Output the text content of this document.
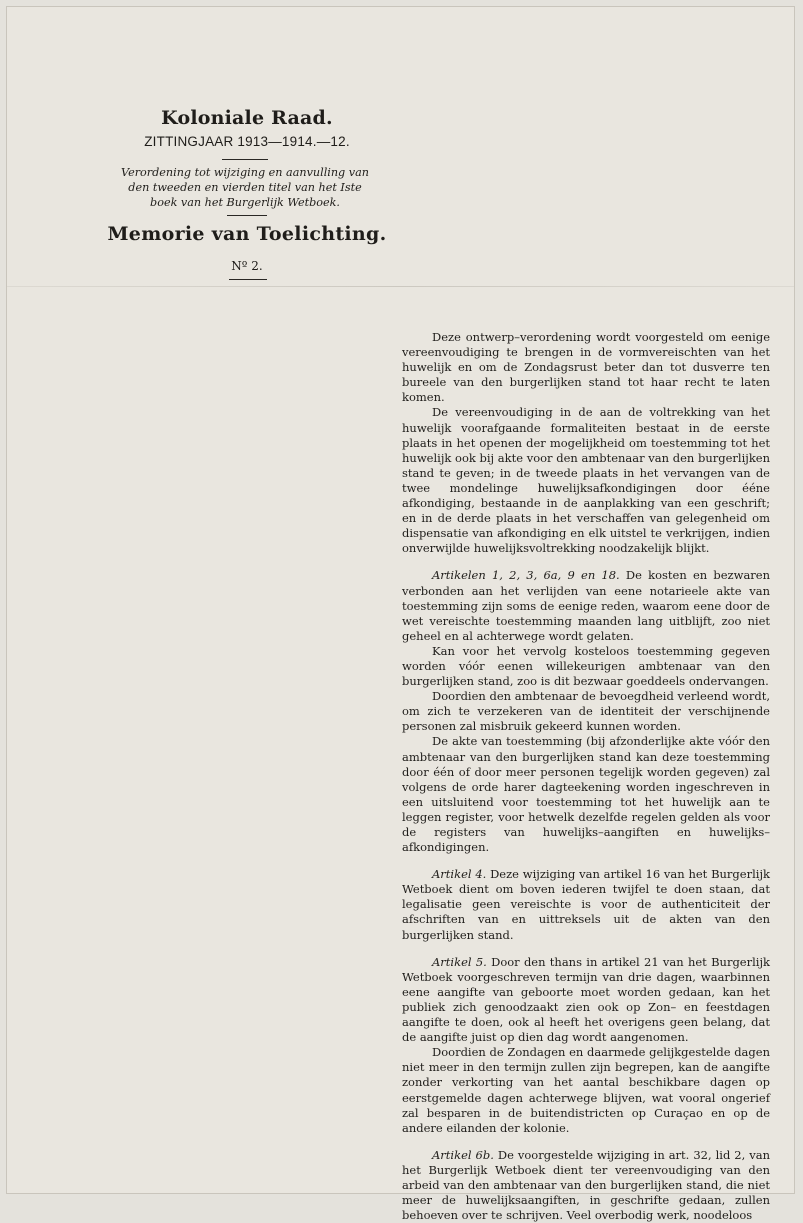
Koloniale Raad.
ZITTINGJAAR 1913—1914.—12.
Verordening tot wijziging en aanvulling van den tweeden en vierden titel van het Iste boek van het Burgerlijk Wetboek.
Memorie van Toelichting.
Nº 2.

Deze ontwerp–verordening wordt voorgesteld om eenige vereenvoudiging te brengen in de vormvereischten van het huwelijk en om de Zondagsrust beter dan tot dusverre ten bureele van den burgerlijken stand tot haar recht te laten komen.

De vereenvoudiging in de aan de voltrekking van het huwelijk voorafgaande formaliteiten bestaat in de eerste plaats in het openen der mogelijkheid om toestemming tot het huwelijk ook bij akte voor den ambtenaar van den burgerlijken stand te geven; in de tweede plaats in het vervangen van de twee mondelinge huwelijksafkondigingen door ééne afkondiging, bestaande in de aanplakking van een geschrift; en in de derde plaats in het verschaffen van gelegenheid om dispensatie van afkondiging en elk uitstel te verkrijgen, indien onverwijlde huwelijksvoltrekking noodzakelijk blijkt.

Artikelen 1, 2, 3, 6a, 9 en 18. De kosten en bezwaren verbonden aan het verlijden van eene notarieele akte van toestemming zijn soms de eenige reden, waarom eene door de wet vereischte toestemming maanden lang uitblijft, zoo niet geheel en al achterwege wordt gelaten.

Kan voor het vervolg kosteloos toestemming gegeven worden vóór eenen willekeurigen ambtenaar van den burgerlijken stand, zoo is dit bezwaar goeddeels ondervangen.

Doordien den ambtenaar de bevoegdheid verleend wordt, om zich te verzekeren van de identiteit der verschijnende personen zal misbruik gekeerd kunnen worden.

De akte van toestemming (bij afzonderlijke akte vóór den ambtenaar van den burgerlijken stand kan deze toestemming door één of door meer personen tegelijk worden gegeven) zal volgens de orde harer dagteekening worden ingeschreven in een uitsluitend voor toestemming tot het huwelijk aan te leggen register, voor hetwelk dezelfde regelen gelden als voor de registers van huwelijks–aangiften en huwelijks–afkondigingen.

Artikel 4. Deze wijziging van artikel 16 van het Burgerlijk Wetboek dient om boven iederen twijfel te doen staan, dat legalisatie geen vereischte is voor de authenticiteit der afschriften van en uittreksels uit de akten van den burgerlijken stand.

Artikel 5. Door den thans in artikel 21 van het Burgerlijk Wetboek voorgeschreven termijn van drie dagen, waarbinnen eene aangifte van geboorte moet worden gedaan, kan het publiek zich genoodzaakt zien ook op Zon– en feestdagen aangifte te doen, ook al heeft het overigens geen belang, dat de aangifte juist op dien dag wordt aangenomen.

Doordien de Zondagen en daarmede gelijkgestelde dagen niet meer in den termijn zullen zijn begrepen, kan de aangifte zonder verkorting van het aantal beschikbare dagen op eerstgemelde dagen achterwege blijven, wat vooral ongerief zal besparen in de buitendistricten op Curaçao en op de andere eilanden der kolonie.

Artikel 6b. De voorgestelde wijziging in art. 32, lid 2, van het Burgerlijk Wetboek dient ter vereenvoudiging van den arbeid van den ambtenaar van den burgerlijken stand, die niet meer de huwelijksaangiften, in geschrifte gedaan, zullen behoeven over te schrijven. Veel overbodig werk, noodeloos
